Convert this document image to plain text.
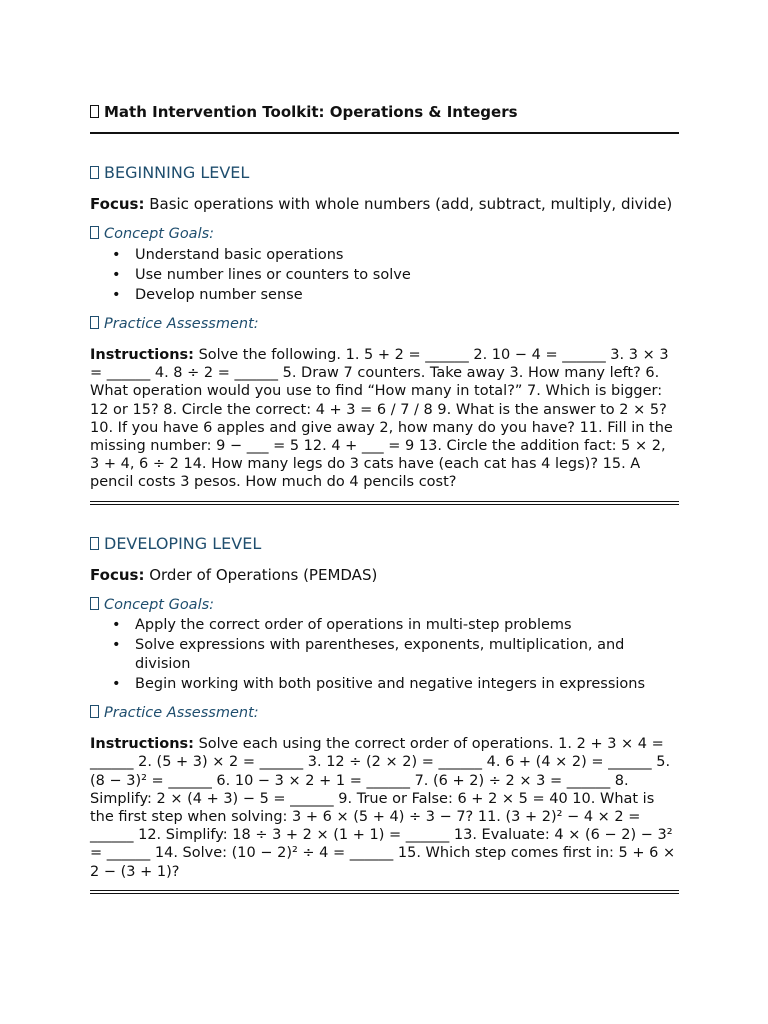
Math Intervention Toolkit: Operations & Integers
BEGINNING LEVEL

Focus: Basic operations with whole numbers (add, subtract, multiply, divide)

Concept Goals:

• Understand basic operations
• Use number lines or counters to solve
• Develop number sense

Practice Assessment:

Instructions: Solve the following. 1. 5 + 2 = ______ 2. 10 − 4 = ______ 3. 3 × 3 = ______ 4. 8 ÷ 2 = ______ 5. Draw 7 counters. Take away 3. How many left? 6. What operation would you use to find “How many in total?” 7. Which is bigger: 12 or 15? 8. Circle the correct: 4 + 3 = 6 / 7 / 8 9. What is the answer to 2 × 5? 10. If you have 6 apples and give away 2, how many do you have? 11. Fill in the missing number: 9 − ___ = 5 12. 4 + ___ = 9 13. Circle the addition fact: 5 × 2, 3 + 4, 6 ÷ 2 14. How many legs do 3 cats have (each cat has 4 legs)? 15. A pencil costs 3 pesos. How much do 4 pencils cost?

DEVELOPING LEVEL

Focus: Order of Operations (PEMDAS)

Concept Goals:

• Apply the correct order of operations in multi-step problems
• Solve expressions with parentheses, exponents, multiplication, and division
• Begin working with both positive and negative integers in expressions

Practice Assessment:

Instructions: Solve each using the correct order of operations. 1. 2 + 3 × 4 = ______ 2. (5 + 3) × 2 = ______ 3. 12 ÷ (2 × 2) = ______ 4. 6 + (4 × 2) = ______ 5. (8 − 3)² = ______ 6. 10 − 3 × 2 + 1 = ______ 7. (6 + 2) ÷ 2 × 3 = ______ 8. Simplify: 2 × (4 + 3) − 5 = ______ 9. True or False: 6 + 2 × 5 = 40 10. What is the first step when solving: 3 + 6 × (5 + 4) ÷ 3 − 7? 11. (3 + 2)² − 4 × 2 = ______ 12. Simplify: 18 ÷ 3 + 2 × (1 + 1) = ______ 13. Evaluate: 4 × (6 − 2) − 3² = ______ 14. Solve: (10 − 2)² ÷ 4 = ______ 15. Which step comes first in: 5 + 6 × 2 − (3 + 1)?
